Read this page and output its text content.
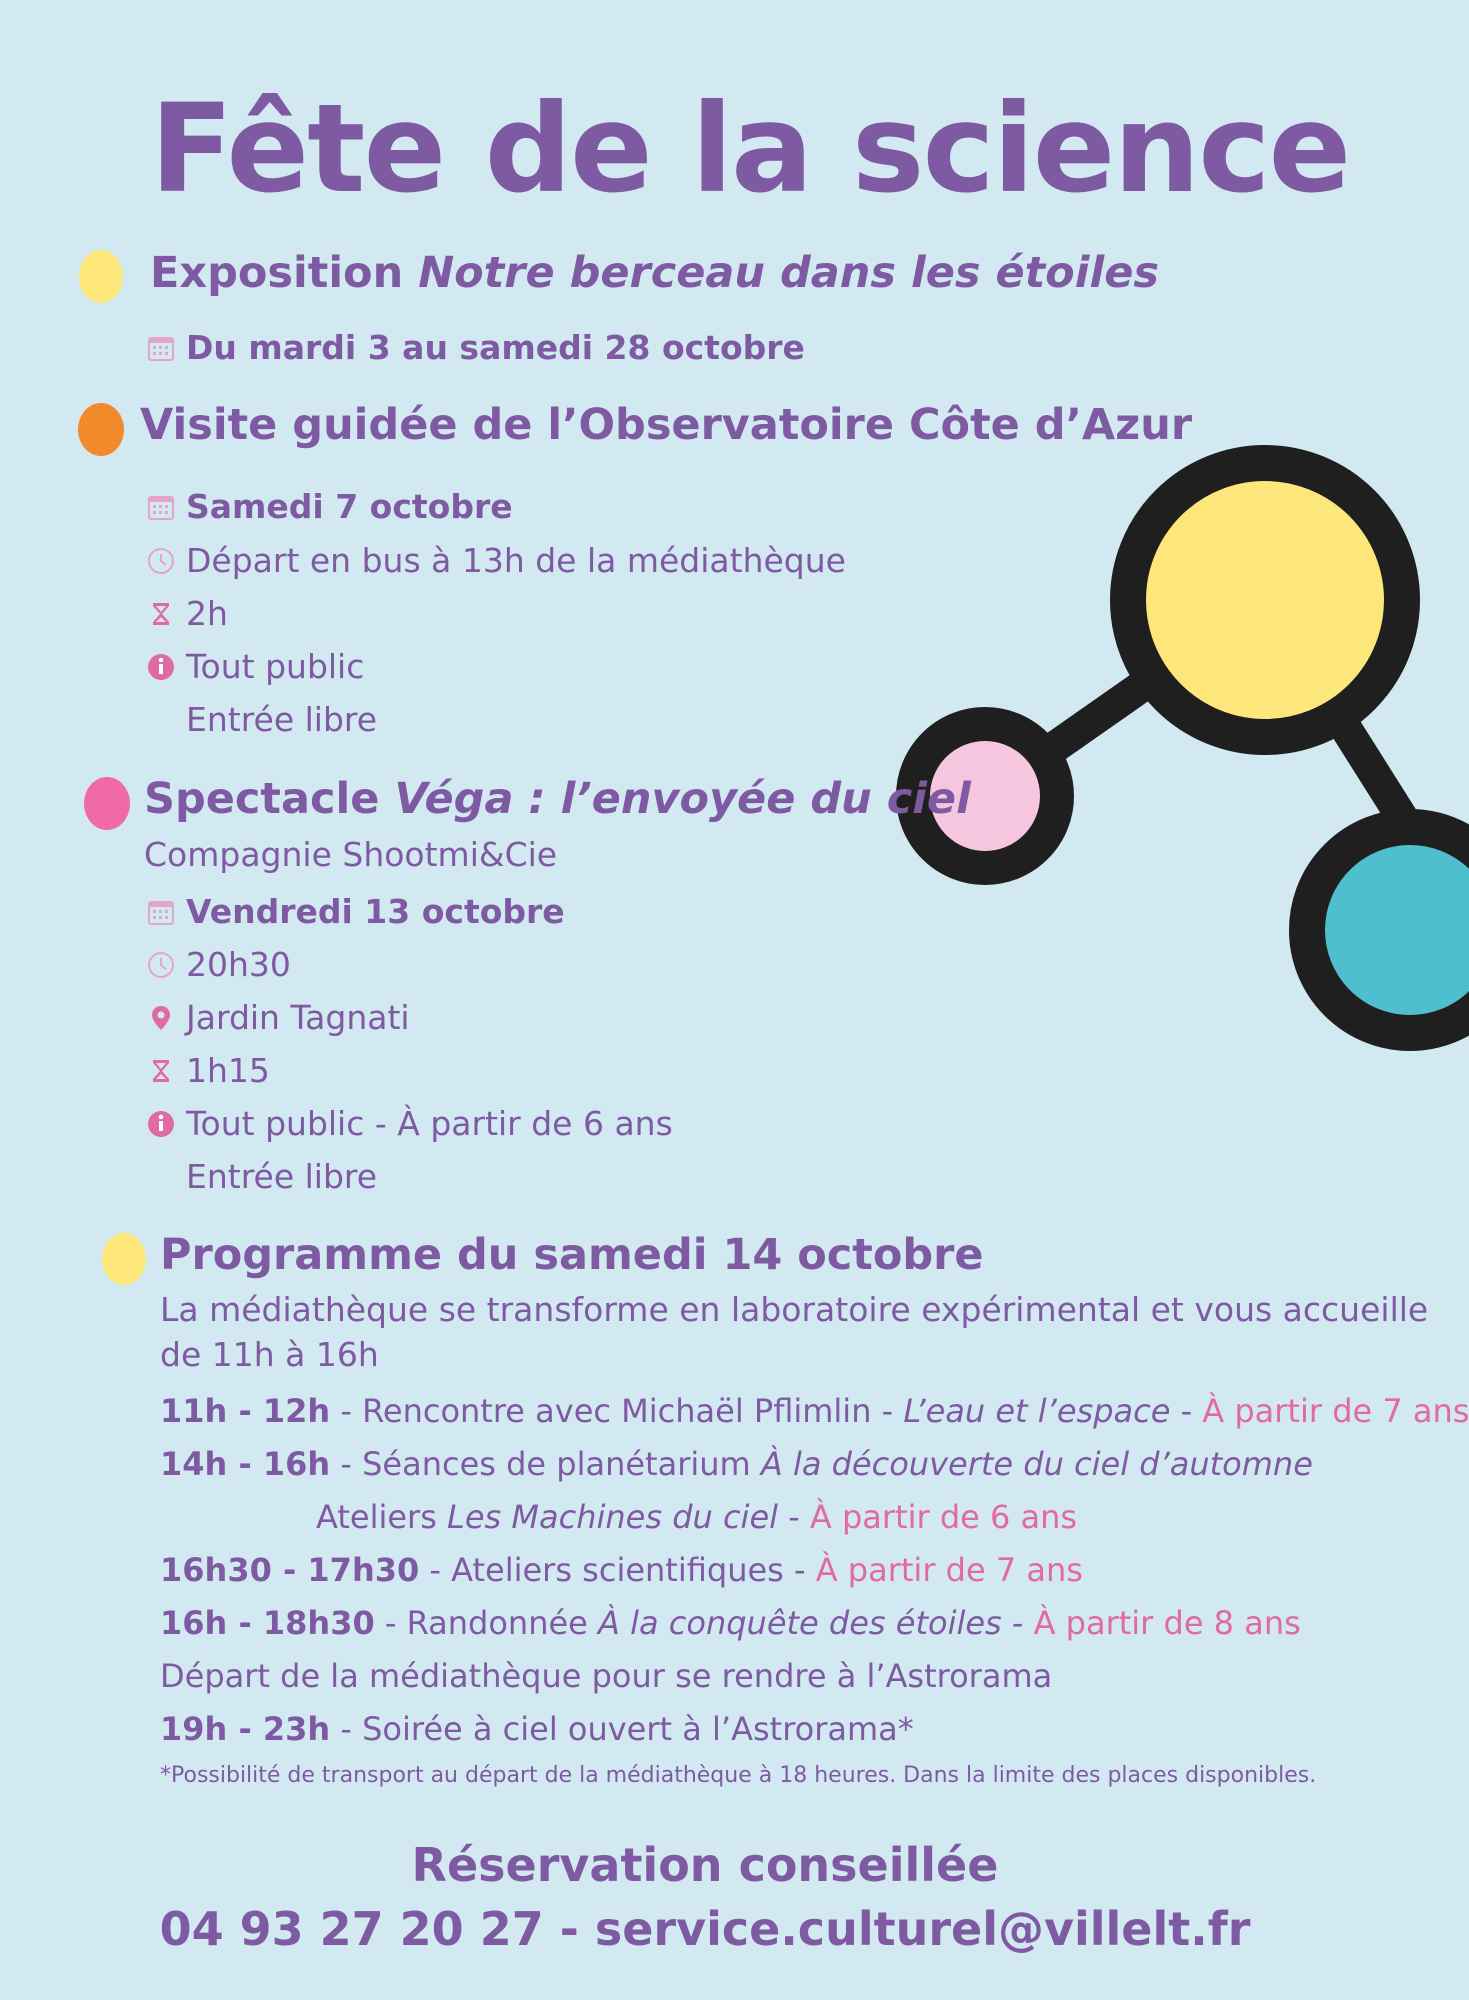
Fête de la science
Exposition Notre berceau dans les étoiles
Du mardi 3 au samedi 28 octobre
Visite guidée de l’Observatoire Côte d’Azur
Samedi 7 octobre
Départ en bus à 13h de la médiathèque
2h
Tout public
Entrée libre
Spectacle Véga : l’envoyée du ciel
Compagnie Shootmi&Cie
Vendredi 13 octobre
20h30
Jardin Tagnati
1h15
Tout public - À partir de 6 ans
Entrée libre
Programme du samedi 14 octobre
La médiathèque se transforme en laboratoire expérimental et vous accueille
de 11h à 16h
11h - 12h - Rencontre avec Michaël Pflimlin - L’eau et l’espace - À partir de 7 ans
14h - 16h - Séances de planétarium À la découverte du ciel d’automne
Ateliers Les Machines du ciel - À partir de 6 ans
16h30 - 17h30 - Ateliers scientifiques - À partir de 7 ans
16h - 18h30 - Randonnée À la conquête des étoiles - À partir de 8 ans
Départ de la médiathèque pour se rendre à l’Astrorama
19h - 23h - Soirée à ciel ouvert à l’Astrorama*
*Possibilité de transport au départ de la médiathèque à 18 heures. Dans la limite des places disponibles.
Réservation conseillée
04 93 27 20 27 - service.culturel@villelt.fr
